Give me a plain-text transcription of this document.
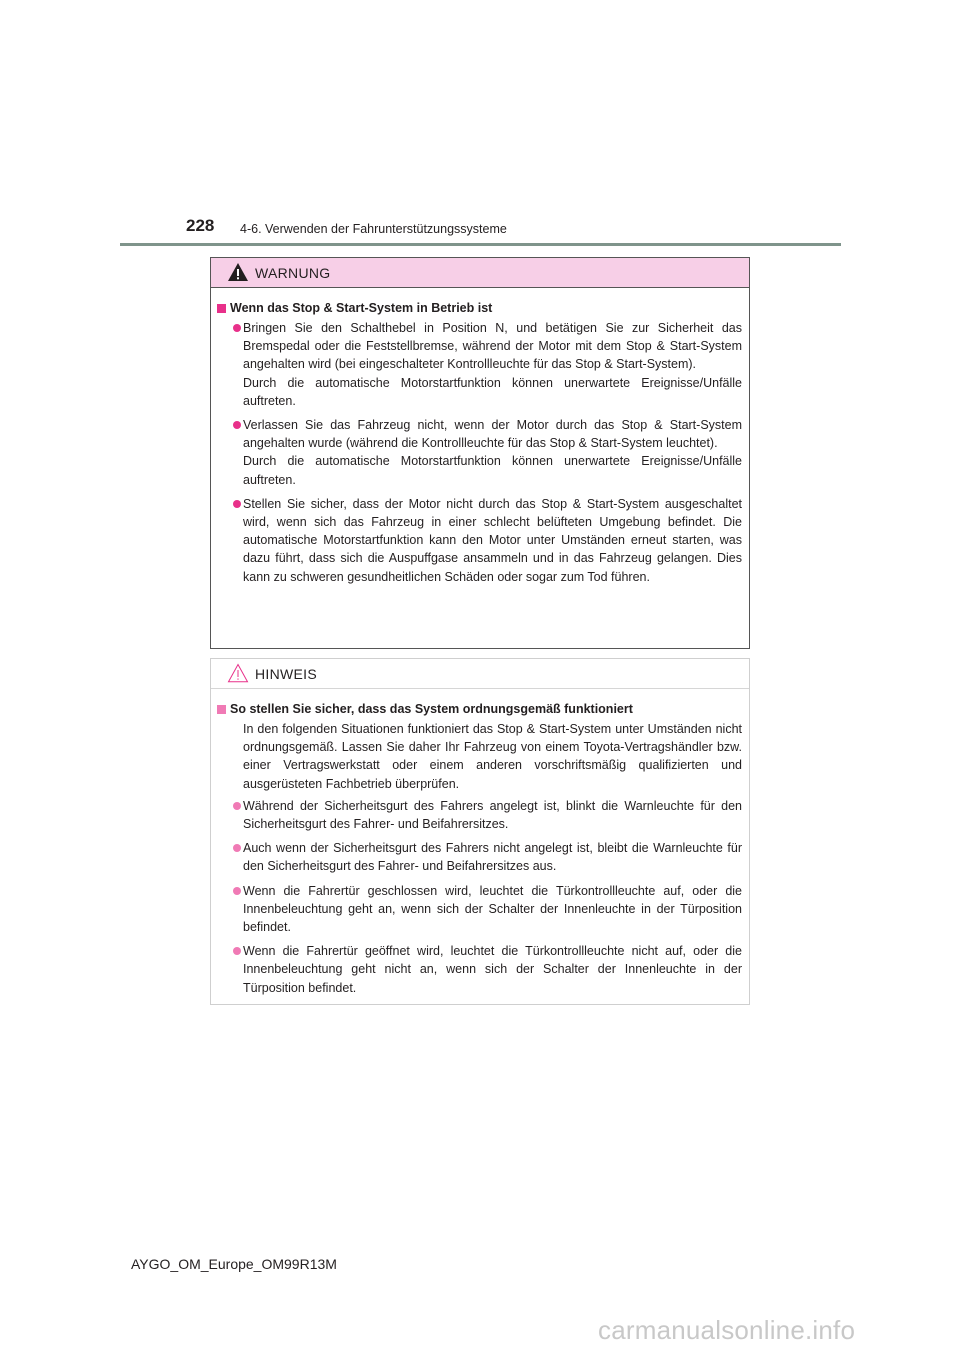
228 4-6. Verwenden der Fahrunterstützungssysteme
WARNUNG
Wenn das Stop & Start-System in Betrieb ist

Bringen Sie den Schalthebel in Position N, und betätigen Sie zur Sicherheit das Bremspedal oder die Feststellbremse, während der Motor mit dem Stop & Start-System angehalten wird (bei eingeschalteter Kontrollleuchte für das Stop & Start-System).

Durch die automatische Motorstartfunktion können unerwartete Ereignisse/Unfälle auftreten.

Verlassen Sie das Fahrzeug nicht, wenn der Motor durch das Stop & Start-System angehalten wurde (während die Kontrollleuchte für das Stop & Start-System leuchtet).

Durch die automatische Motorstartfunktion können unerwartete Ereignisse/Unfälle auftreten.

Stellen Sie sicher, dass der Motor nicht durch das Stop & Start-System ausgeschaltet wird, wenn sich das Fahrzeug in einer schlecht belüfteten Umgebung befindet. Die automatische Motorstartfunktion kann den Motor unter Umständen erneut starten, was dazu führt, dass sich die Auspuffgase ansammeln und in das Fahrzeug gelangen. Dies kann zu schweren gesundheitlichen Schäden oder sogar zum Tod führen.

HINWEIS
So stellen Sie sicher, dass das System ordnungsgemäß funktioniert

In den folgenden Situationen funktioniert das Stop & Start-System unter Umständen nicht ordnungsgemäß. Lassen Sie daher Ihr Fahrzeug von einem Toyota-Vertragshändler bzw. einer Vertragswerkstatt oder einem anderen vorschriftsmäßig qualifizierten und ausgerüsteten Fachbetrieb überprüfen.

Während der Sicherheitsgurt des Fahrers angelegt ist, blinkt die Warnleuchte für den Sicherheitsgurt des Fahrer- und Beifahrersitzes.

Auch wenn der Sicherheitsgurt des Fahrers nicht angelegt ist, bleibt die Warnleuchte für den Sicherheitsgurt des Fahrer- und Beifahrersitzes aus.

Wenn die Fahrertür geschlossen wird, leuchtet die Türkontrollleuchte auf, oder die Innenbeleuchtung geht an, wenn sich der Schalter der Innenleuchte in der Türposition befindet.

Wenn die Fahrertür geöffnet wird, leuchtet die Türkontrollleuchte nicht auf, oder die Innenbeleuchtung geht nicht an, wenn sich der Schalter der Innenleuchte in der Türposition befindet.

AYGO_OM_Europe_OM99R13M
carmanualsonline.info
